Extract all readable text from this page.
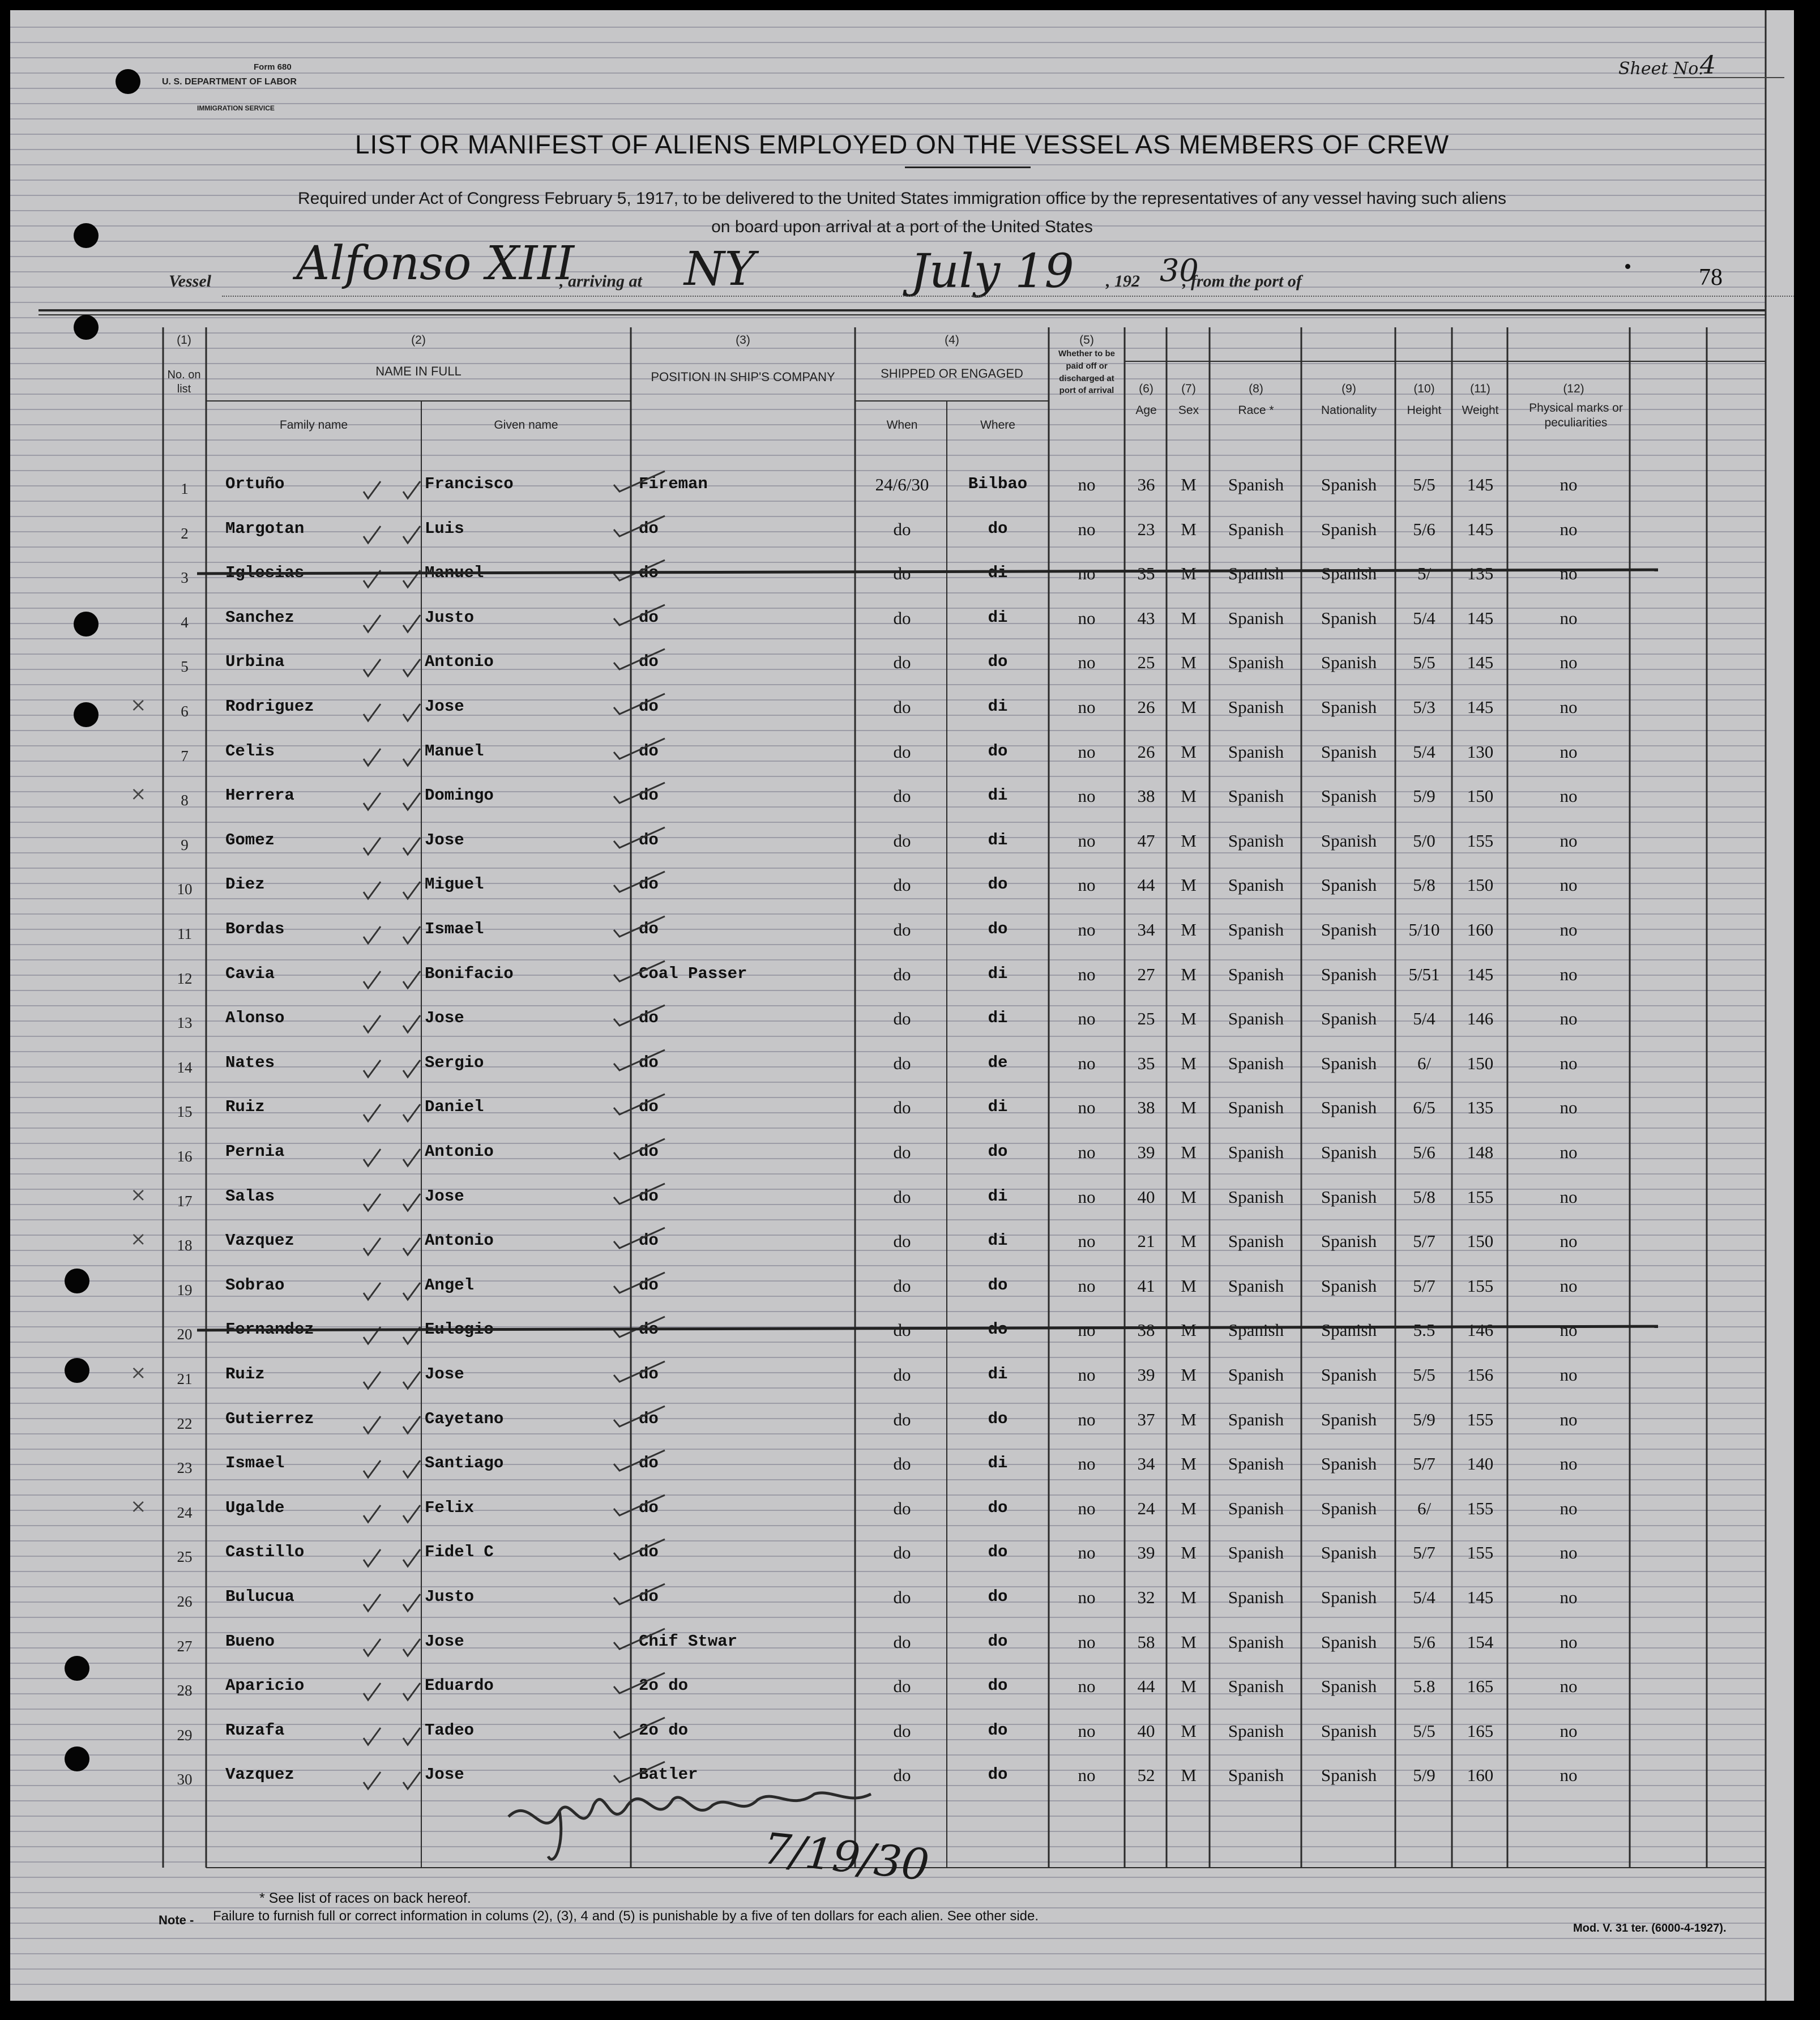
Form 680
U. S. DEPARTMENT OF LABOR
IMMIGRATION SERVICE
Sheet No.
4
LIST OR MANIFEST OF ALIENS EMPLOYED ON THE VESSEL AS MEMBERS OF CREW
Required under Act of Congress February 5, 1917, to be delivered to the United States immigration office by the representatives of any vessel having such aliens
on board upon arrival at a port of the United States
Vessel Alfonso XIII
, arriving at NY	July 19 , 192 30
, from the port of	78
(1)
No. on list
(2)
NAME IN FULL
Family name	Given name
(3)
POSITION IN SHIP'S COMPANY
(4)
SHIPPED OR ENGAGED
When	Where
(5)
Whether to be paid off or discharged at port of arrival	(6)
Age
(7)
Sex
(8)
Race *
(9)
Nationality
(10)
Height
(11)
Weight
(12)
Physical marks or peculiarities
1	Ortuño	Francisco	Fireman	24/6/30	Bilbao	no	36	M	Spanish	Spanish	5/5	145	no
2	Margotan	Luis	do	do	do	no	23	M	Spanish	Spanish	5/6	145	no
3	Iglesias	Manuel	do	do	di	no	35	M	Spanish	Spanish	5/	135	no
4	Sanchez	Justo	do	do	di	no	43	M	Spanish	Spanish	5/4	145	no
5	Urbina	Antonio	do	do	do	no	25	M	Spanish	Spanish	5/5	145	no
6	Rodriguez	Jose	do	do	di	no	26	M	Spanish	Spanish	5/3	145	no
×
7	Celis	Manuel	do	do	do	no	26	M	Spanish	Spanish	5/4	130	no
8	Herrera	Domingo	do	do	di	no	38	M	Spanish	Spanish	5/9	150	no
×
9	Gomez	Jose	do	do	di	no	47	M	Spanish	Spanish	5/0	155	no
10	Diez	Miguel	do	do	do	no	44	M	Spanish	Spanish	5/8	150	no
11	Bordas	Ismael	do	do	do	no	34	M	Spanish	Spanish	5/10	160	no
12	Cavia	Bonifacio	Coal Passer	do	di	no	27	M	Spanish	Spanish	5/51	145	no
13	Alonso	Jose	do	do	di	no	25	M	Spanish	Spanish	5/4	146	no
14	Nates	Sergio	do	do	de	no	35	M	Spanish	Spanish	6/	150	no
15	Ruiz	Daniel	do	do	di	no	38	M	Spanish	Spanish	6/5	135	no
16	Pernia	Antonio	do	do	do	no	39	M	Spanish	Spanish	5/6	148	no
17	Salas	Jose	do	do	di	no	40	M	Spanish	Spanish	5/8	155	no
×
18	Vazquez	Antonio	do	do	di	no	21	M	Spanish	Spanish	5/7	150	no
×
19	Sobrao	Angel	do	do	do	no	41	M	Spanish	Spanish	5/7	155	no
20	Fernandez	Eulogio	do	do	do	no	38	M	Spanish	Spanish	5.5	146	no
21	Ruiz	Jose	do	do	di	no	39	M	Spanish	Spanish	5/5	156	no
×
22	Gutierrez	Cayetano	do	do	do	no	37	M	Spanish	Spanish	5/9	155	no
23	Ismael	Santiago	do	do	di	no	34	M	Spanish	Spanish	5/7	140	no
24	Ugalde	Felix	do	do	do	no	24	M	Spanish	Spanish	6/	155	no
×
25	Castillo	Fidel C	do	do	do	no	39	M	Spanish	Spanish	5/7	155	no
26	Bulucua	Justo	do	do	do	no	32	M	Spanish	Spanish	5/4	145	no
27	Bueno	Jose	Chif Stwar	do	do	no	58	M	Spanish	Spanish	5/6	154	no
28	Aparicio	Eduardo	2o do	do	do	no	44	M	Spanish	Spanish	5.8	165	no
29	Ruzafa	Tadeo	2o do	do	do	no	40	M	Spanish	Spanish	5/5	165	no
30	Vazquez	Jose	Batler	do	do	no	52	M	Spanish	Spanish	5/9	160	no
7/19/30
* See list of races on back hereof.
Note - Failure to furnish full or correct information in colums (2), (3), 4 and (5) is punishable by a five of ten dollars for each alien. See other side.
Mod. V. 31 ter. (6000-4-1927).
